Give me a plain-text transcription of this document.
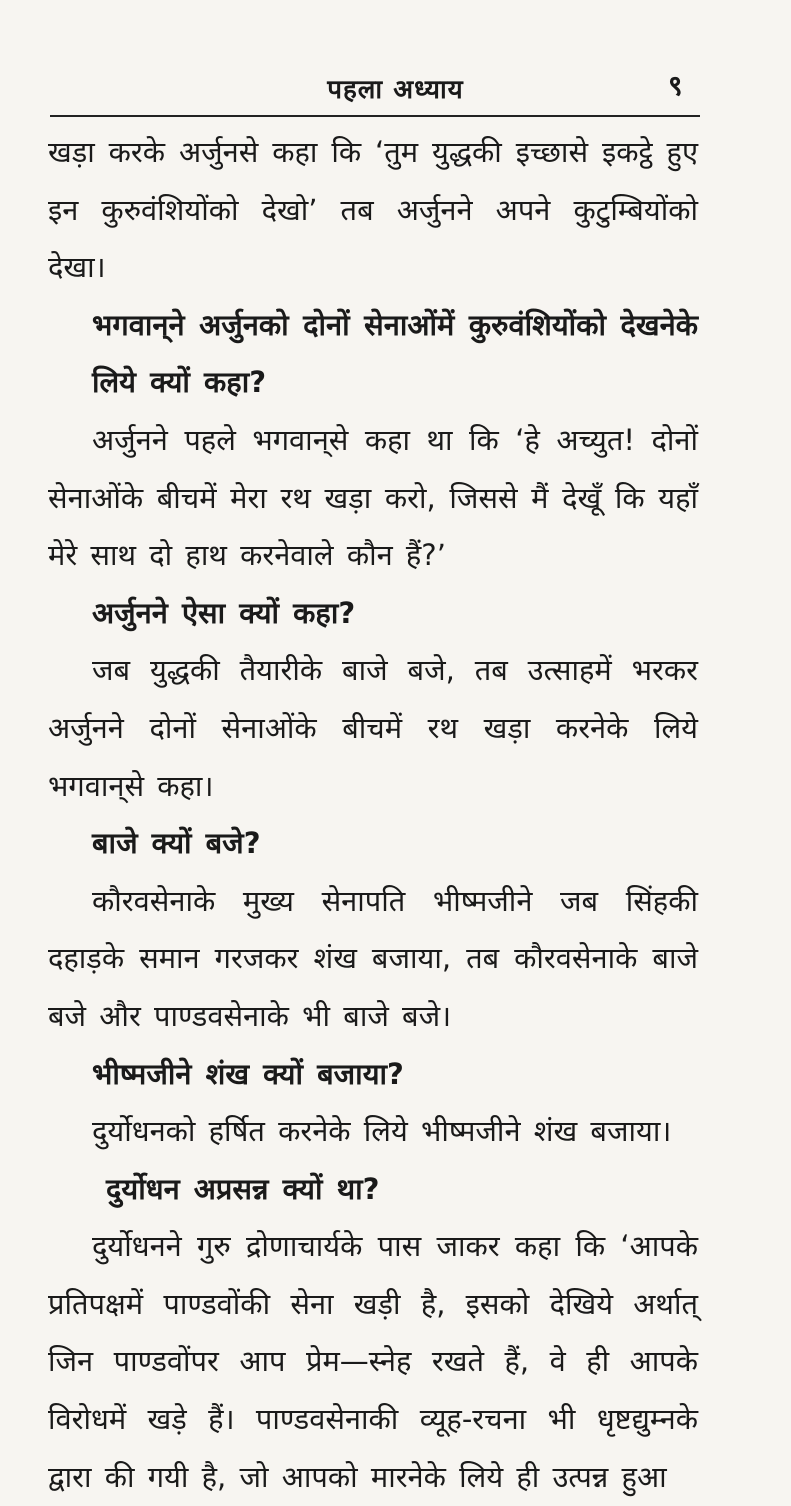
पहला अध्याय	९

खड़ा करके अर्जुनसे कहा कि ‘तुम युद्धकी इच्छासे इकट्ठे हुए इन कुरुवंशियोंको देखो’ तब अर्जुनने अपने कुटुम्बियोंको देखा।

भगवान्‌ने अर्जुनको दोनों सेनाओंमें कुरुवंशियोंको देखनेके लिये क्यों कहा?

अर्जुनने पहले भगवान्‌से कहा था कि ‘हे अच्युत! दोनों सेनाओंके बीचमें मेरा रथ खड़ा करो, जिससे मैं देखूँ कि यहाँ मेरे साथ दो हाथ करनेवाले कौन हैं?’

अर्जुनने ऐसा क्यों कहा?

जब युद्धकी तैयारीके बाजे बजे, तब उत्साहमें भरकर अर्जुनने दोनों सेनाओंके बीचमें रथ खड़ा करनेके लिये भगवान्‌से कहा।

बाजे क्यों बजे?

कौरवसेनाके मुख्य सेनापति भीष्मजीने जब सिंहकी दहाड़के समान गरजकर शंख बजाया, तब कौरवसेनाके बाजे बजे और पाण्डवसेनाके भी बाजे बजे।

भीष्मजीने शंख क्यों बजाया?

दुर्योधनको हर्षित करनेके लिये भीष्मजीने शंख बजाया।

दुर्योधन अप्रसन्न क्यों था?

दुर्योधनने गुरु द्रोणाचार्यके पास जाकर कहा कि ‘आपके प्रतिपक्षमें पाण्डवोंकी सेना खड़ी है, इसको देखिये अर्थात् जिन पाण्डवोंपर आप प्रेम—स्नेह रखते हैं, वे ही आपके विरोधमें खड़े हैं। पाण्डवसेनाकी व्यूह-रचना भी धृष्टद्युम्नके द्वारा की गयी है, जो आपको मारनेके लिये ही उत्पन्न हुआ
